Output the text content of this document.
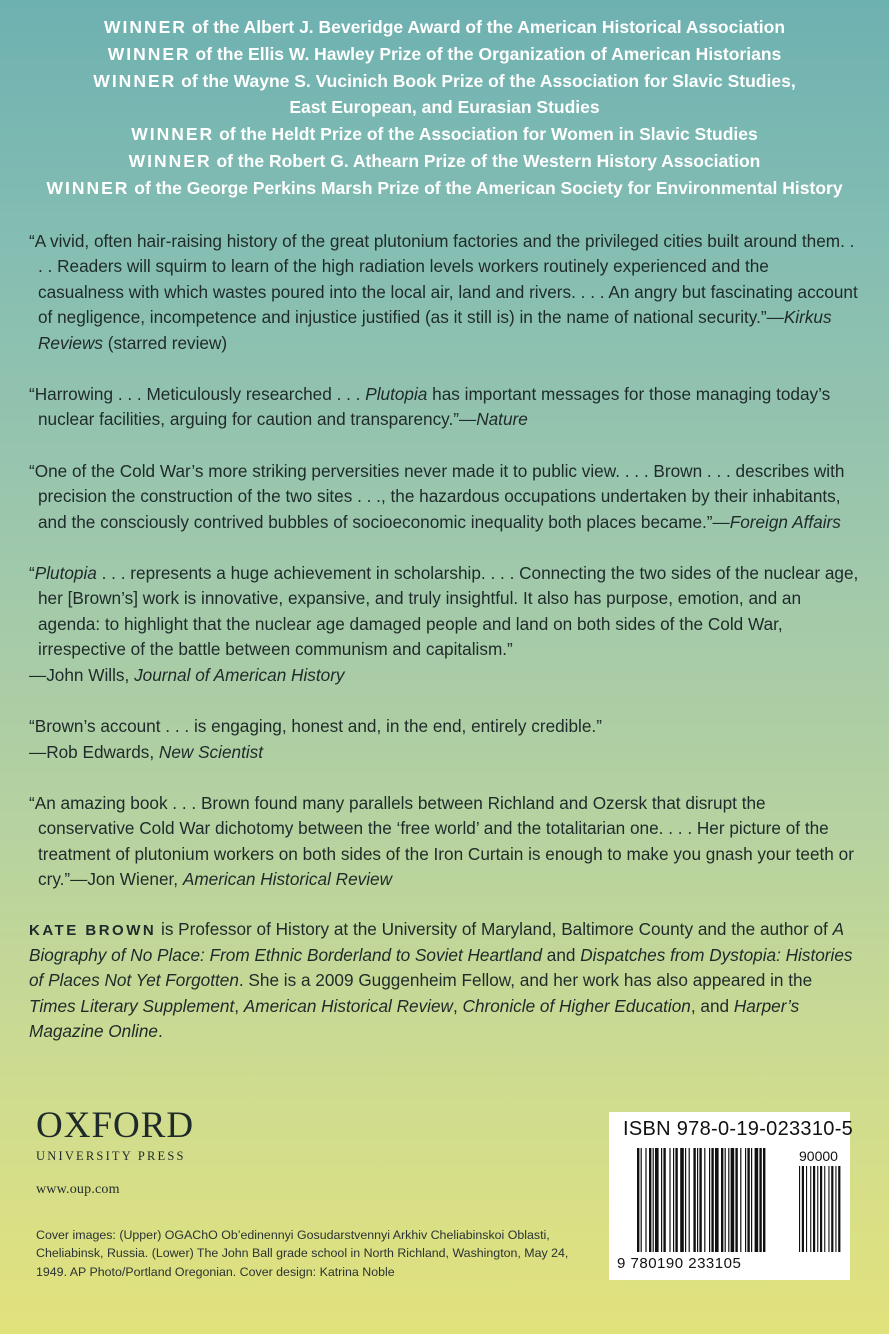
WINNER of the Albert J. Beveridge Award of the American Historical Association
WINNER of the Ellis W. Hawley Prize of the Organization of American Historians
WINNER of the Wayne S. Vucinich Book Prize of the Association for Slavic Studies,
East European, and Eurasian Studies
WINNER of the Heldt Prize of the Association for Women in Slavic Studies
WINNER of the Robert G. Athearn Prize of the Western History Association
WINNER of the George Perkins Marsh Prize of the American Society for Environmental History
“A vivid, often hair-raising history of the great plutonium factories and the privileged cities built around them. . . . Readers will squirm to learn of the high radiation levels workers routinely experienced and the casualness with which wastes poured into the local air, land and rivers. . . . An angry but fascinating account of negligence, incompetence and injustice justified (as it still is) in the name of national security.”—Kirkus Reviews (starred review)
“Harrowing . . . Meticulously researched . . . Plutopia has important messages for those managing today’s nuclear facilities, arguing for caution and transparency.”—Nature
“One of the Cold War’s more striking perversities never made it to public view. . . . Brown . . . describes with precision the construction of the two sites . . ., the hazardous occupations undertaken by their inhabitants, and the consciously contrived bubbles of socioeconomic inequality both places became.”—Foreign Affairs
“Plutopia . . . represents a huge achievement in scholarship. . . . Connecting the two sides of the nuclear age, her [Brown’s] work is innovative, expansive, and truly insightful. It also has purpose, emotion, and an agenda: to highlight that the nuclear age damaged people and land on both sides of the Cold War, irrespective of the battle between communism and capitalism.”
—John Wills, Journal of American History
“Brown’s account . . . is engaging, honest and, in the end, entirely credible.”
—Rob Edwards, New Scientist
“An amazing book . . . Brown found many parallels between Richland and Ozersk that disrupt the conservative Cold War dichotomy between the ‘free world’ and the totalitarian one. . . . Her picture of the treatment of plutonium workers on both sides of the Iron Curtain is enough to make you gnash your teeth or cry.”—Jon Wiener, American Historical Review
KATE BROWN is Professor of History at the University of Maryland, Baltimore County and the author of A Biography of No Place: From Ethnic Borderland to Soviet Heartland and Dispatches from Dystopia: Histories of Places Not Yet Forgotten. She is a 2009 Guggenheim Fellow, and her work has also appeared in the Times Literary Supplement, American Historical Review, Chronicle of Higher Education, and Harper’s Magazine Online.
OXFORD
UNIVERSITY PRESS
www.oup.com
Cover images: (Upper) OGAChO Ob’edinennyi Gosudarstvennyi Arkhiv Cheliabinskoi Oblasti, Cheliabinsk, Russia. (Lower) The John Ball grade school in North Richland, Washington, May 24, 1949. AP Photo/Portland Oregonian. Cover design: Katrina Noble
ISBN 978-0-19-023310-5
90000
9 780190 233105
